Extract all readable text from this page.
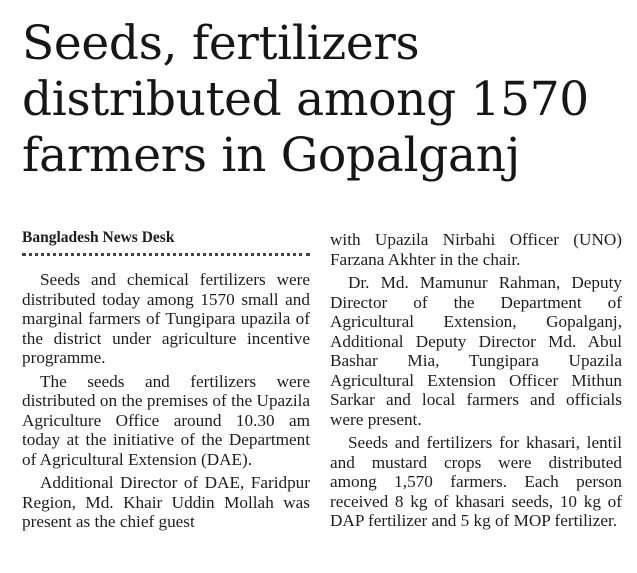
Seeds, fertilizers distributed among 1570 farmers in Gopalganj
Bangladesh News Desk

Seeds and chemical fertilizers were distributed today among 1570 small and marginal farmers of Tungipara upazila of the district under agriculture incentive programme.

The seeds and fertilizers were distributed on the premises of the Upazila Agriculture Office around 10.30 am today at the initiative of the Department of Agricultural Extension (DAE).

Additional Director of DAE, Faridpur Region, Md. Khair Uddin Mollah was present as the chief guest

with Upazila Nirbahi Officer (UNO) Farzana Akhter in the chair.

Dr. Md. Mamunur Rahman, Deputy Director of the Department of Agricultural Extension, Gopalganj, Additional Deputy Director Md. Abul Bashar Mia, Tungipara Upazila Agricultural Extension Officer Mithun Sarkar and local farmers and officials were present.

Seeds and fertilizers for khasari, lentil and mustard crops were distributed among 1,570 farmers. Each person received 8 kg of khasari seeds, 10 kg of DAP fertilizer and 5 kg of MOP fertilizer.
